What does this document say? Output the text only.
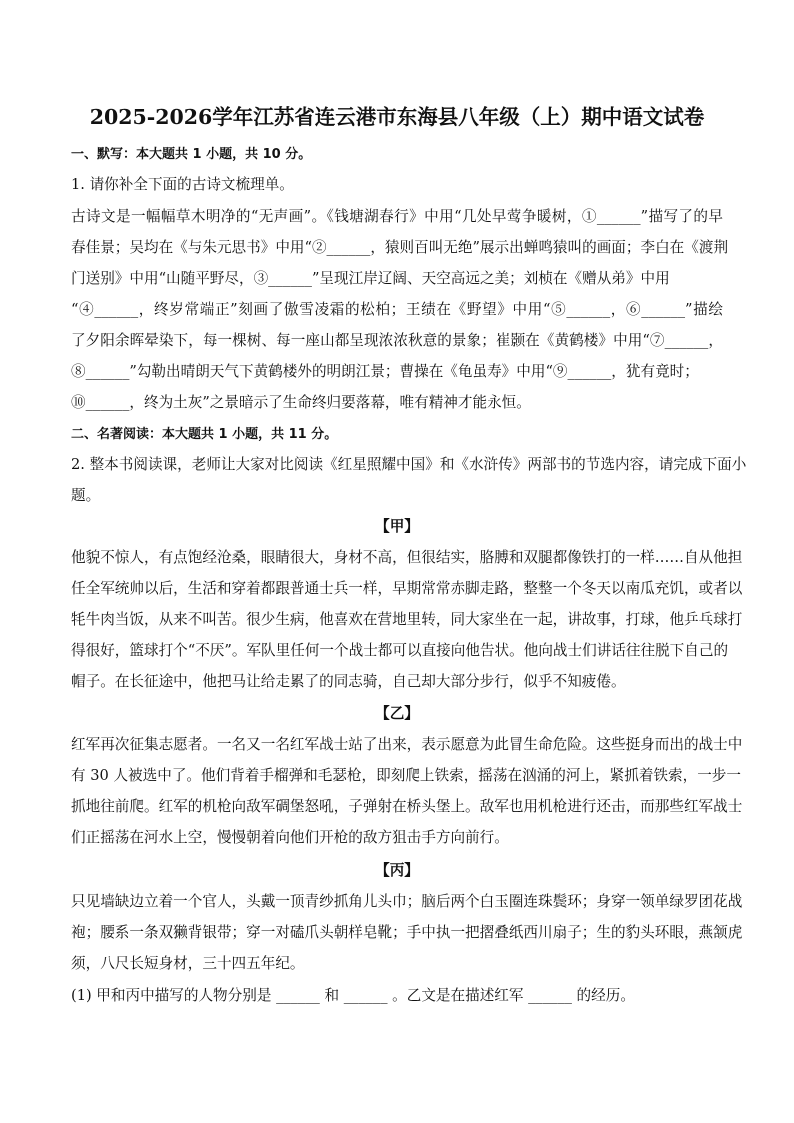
2025-2026学年江苏省连云港市东海县八年级（上）期中语文试卷
一、默写：本大题共 1 小题，共 10 分。
1. 请你补全下面的古诗文梳理单。
古诗文是一幅幅草木明净的“无声画”。《钱塘湖春行》中用“几处早莺争暖树，①______”描写了的早
春佳景；吴均在《与朱元思书》中用“②______，猿则百叫无绝”展示出蝉鸣猿叫的画面；李白在《渡荆
门送别》中用“山随平野尽，③______”呈现江岸辽阔、天空高远之美；刘桢在《赠从弟》中用
“④______，终岁常端正”刻画了傲雪凌霜的松柏；王绩在《野望》中用“⑤______，⑥______”描绘
了夕阳余晖晕染下，每一棵树、每一座山都呈现浓浓秋意的景象；崔颢在《黄鹤楼》中用“⑦______，
⑧______”勾勒出晴朗天气下黄鹤楼外的明朗江景；曹操在《龟虽寿》中用“⑨______，犹有竟时；
⑩______，终为土灰”之景暗示了生命终归要落幕，唯有精神才能永恒。
二、名著阅读：本大题共 1 小题，共 11 分。
2. 整本书阅读课，老师让大家对比阅读《红星照耀中国》和《水浒传》两部书的节选内容，请完成下面小
题。
【甲】
他貌不惊人，有点饱经沧桑，眼睛很大，身材不高，但很结实，胳膊和双腿都像铁打的一样……自从他担
任全军统帅以后，生活和穿着都跟普通士兵一样，早期常常赤脚走路，整整一个冬天以南瓜充饥，或者以
牦牛肉当饭，从来不叫苦。很少生病，他喜欢在营地里转，同大家坐在一起，讲故事，打球，他乒乓球打
得很好，篮球打个“不厌”。军队里任何一个战士都可以直接向他告状。他向战士们讲话往往脱下自己的
帽子。在长征途中，他把马让给走累了的同志骑，自己却大部分步行，似乎不知疲倦。
【乙】
红军再次征集志愿者。一名又一名红军战士站了出来，表示愿意为此冒生命危险。这些挺身而出的战士中
有 30 人被选中了。他们背着手榴弹和毛瑟枪，即刻爬上铁索，摇荡在汹涌的河上，紧抓着铁索，一步一
抓地往前爬。红军的机枪向敌军碉堡怒吼，子弹射在桥头堡上。敌军也用机枪进行还击，而那些红军战士
们正摇荡在河水上空，慢慢朝着向他们开枪的敌方狙击手方向前行。
【丙】
只见墙缺边立着一个官人，头戴一顶青纱抓角儿头巾；脑后两个白玉圈连珠鬓环；身穿一领单绿罗团花战
袍；腰系一条双獭背银带；穿一对磕爪头朝样皂靴；手中执一把摺叠纸西川扇子；生的豹头环眼，燕颔虎
须，八尺长短身材，三十四五年纪。
(1) 甲和丙中描写的人物分别是 ______ 和 ______ 。乙文是在描述红军 ______ 的经历。
